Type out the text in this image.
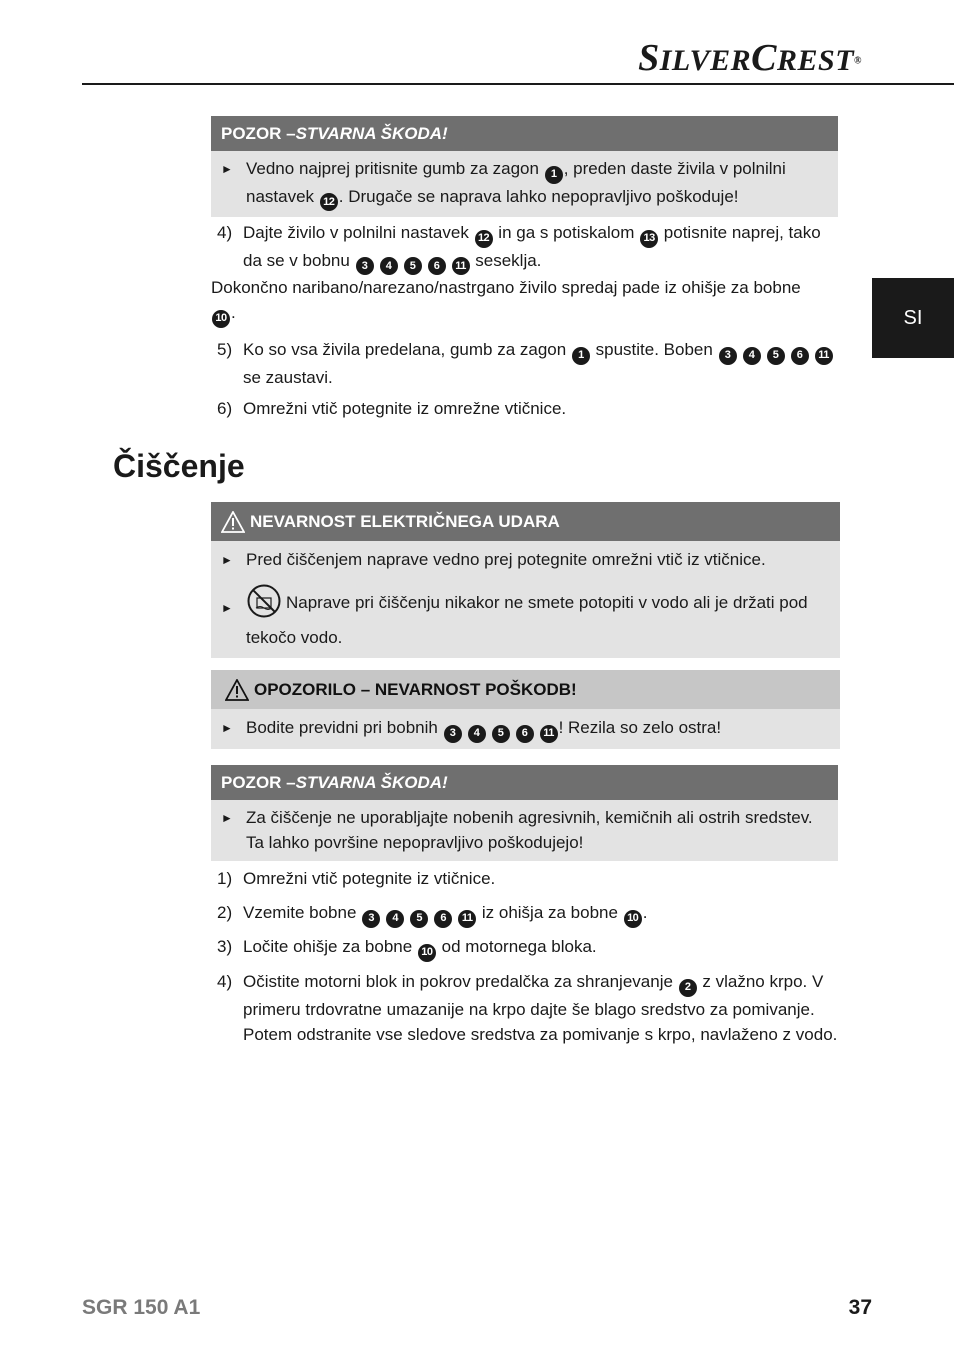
SILVERCREST®
SI
POZOR – STVARNA ŠKODA!
► Vedno najprej pritisnite gumb za zagon 1 , preden daste živila v polnilni nastavek 12 . Drugače se naprava lahko nepopravljivo poškoduje!
4) Dajte živilo v polnilni nastavek 12 in ga s potiskalom 13 potisnite naprej, tako da se v bobnu 3 4 5 6 11 seseklja.
Dokončno naribano/narezano/nastrgano živilo spredaj pade iz ohišje za bobne 10 .
5) Ko so vsa živila predelana, gumb za zagon 1 spustite. Boben 3 4 5 6 11 se zaustavi.
6) Omrežni vtič potegnite iz omrežne vtičnice.
Čiščenje
NEVARNOST ELEKTRIČNEGA UDARA
► Pred čiščenjem naprave vedno prej potegnite omrežni vtič iz vtičnice.
►	Naprave pri čiščenju nikakor ne smete potopiti v vodo ali je držati pod tekočo vodo.
OPOZORILO – NEVARNOST POŠKODB!
► Bodite previdni pri bobnih 3 4 5 6 11 ! Rezila so zelo ostra!
POZOR – STVARNA ŠKODA!
► Za čiščenje ne uporabljajte nobenih agresivnih, kemičnih ali ostrih sredstev. Ta lahko površine nepopravljivo poškodujejo!
1) Omrežni vtič potegnite iz vtičnice.
2) Vzemite bobne 3 4 5 6 11 iz ohišja za bobne 10 .
3) Ločite ohišje za bobne 10 od motornega bloka.
4) Očistite motorni blok in pokrov predalčka za shranjevanje 2 z vlažno krpo. V primeru trdovratne umazanije na krpo dajte še blago sredstvo za pomivanje. Potem odstranite vse sledove sredstva za pomivanje s krpo, navlaženo z vodo.
SGR 150 A1	37
